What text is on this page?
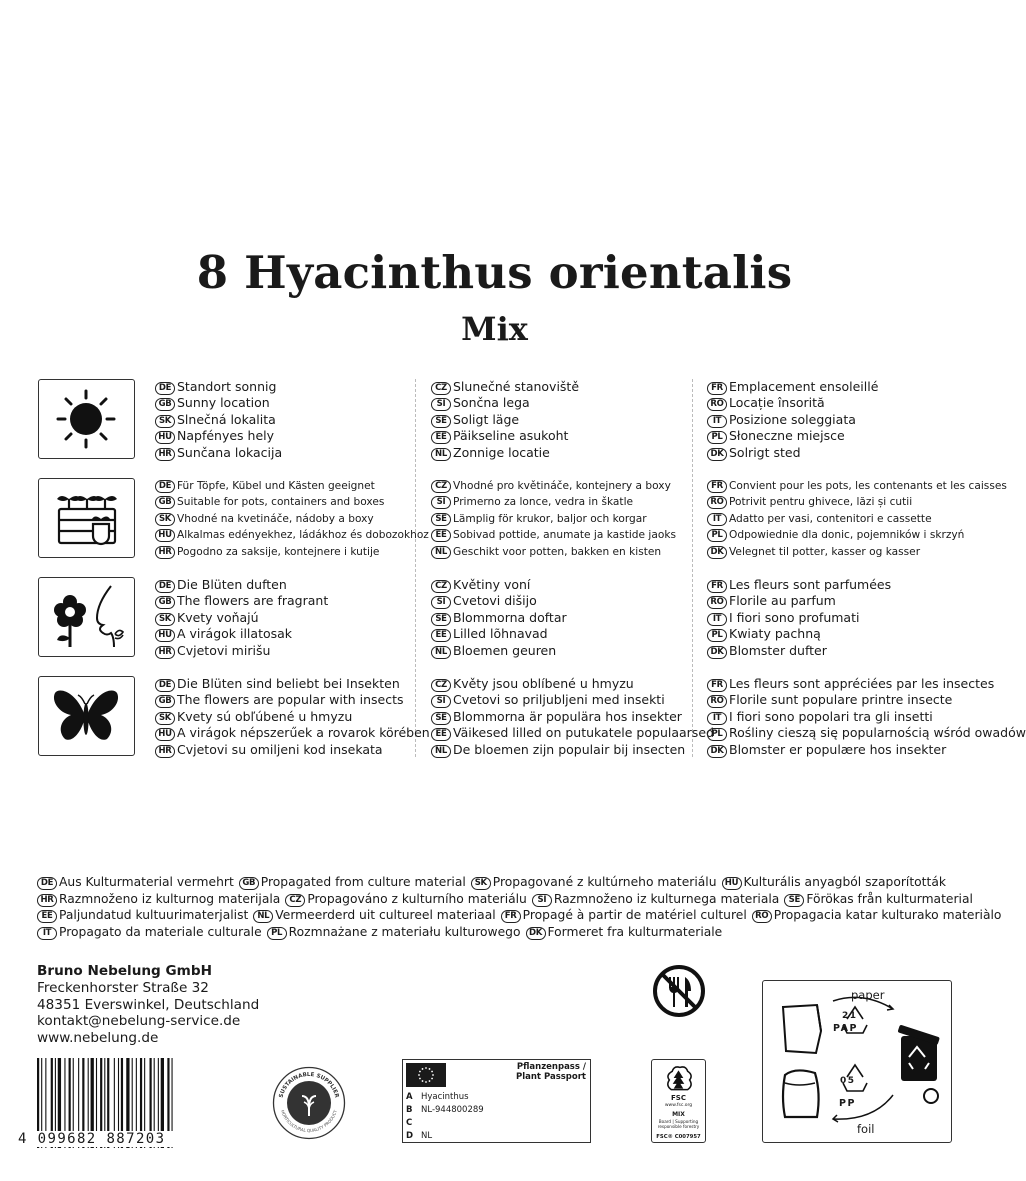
8 Hyacinthus orientalis
Mix
DE Standort sonnig
GB Sunny location
SK Slnečná lokalita
HU Napfényes hely
HR Sunčana lokacija
CZ Slunečné stanoviště
SI Sončna lega
SE Soligt läge
EE Päikseline asukoht
NL Zonnige locatie
FR Emplacement ensoleillé
RO Locație însorită
IT Posizione soleggiata
PL Słoneczne miejsce
DK Solrigt sted
DE Für Töpfe, Kübel und Kästen geeignet
GB Suitable for pots, containers and boxes
SK Vhodné na kvetináče, nádoby a boxy
HU Alkalmas edényekhez, ládákhoz és dobozokhoz
HR Pogodno za saksije, kontejnere i kutije
CZ Vhodné pro květináče, kontejnery a boxy
SI Primerno za lonce, vedra in škatle
SE Lämplig för krukor, baljor och korgar
EE Sobivad pottide, anumate ja kastide jaoks
NL Geschikt voor potten, bakken en kisten
FR Convient pour les pots, les contenants et les caisses
RO Potrivit pentru ghivece, lăzi și cutii
IT Adatto per vasi, contenitori e cassette
PL Odpowiednie dla donic, pojemników i skrzyń
DK Velegnet til potter, kasser og kasser
DE Die Blüten duften
GB The flowers are fragrant
SK Kvety voňajú
HU A virágok illatosak
HR Cvjetovi mirišu
CZ Květiny voní
SI Cvetovi dišijo
SE Blommorna doftar
EE Lilled lõhnavad
NL Bloemen geuren
FR Les fleurs sont parfumées
RO Florile au parfum
IT I fiori sono profumati
PL Kwiaty pachną
DK Blomster dufter
DE Die Blüten sind beliebt bei Insekten
GB The flowers are popular with insects
SK Kvety sú obľúbené u hmyzu
HU A virágok népszerűek a rovarok körében
HR Cvjetovi su omiljeni kod insekata
CZ Květy jsou oblíbené u hmyzu
SI Cvetovi so priljubljeni med insekti
SE Blommorna är populära hos insekter
EE Väikesed lilled on putukatele populaarsed
NL De bloemen zijn populair bij insecten
FR Les fleurs sont appréciées par les insectes
RO Florile sunt populare printre insecte
IT I fiori sono popolari tra gli insetti
PL Rośliny cieszą się popularnością wśród owadów
DK Blomster er populære hos insekter
DE Aus Kulturmaterial vermehrt GB Propagated from culture material SK Propagované z kultúrneho materiálu HU Kulturális anyagból szaporították
HR Razmnoženo iz kulturnog materijala CZ Propagováno z kulturního materiálu SI Razmnoženo iz kulturnega materiala SE Förökas från kulturmaterial
EE Paljundatud kultuurimaterjalist NL Vermeerderd uit cultureel materiaal FR Propagé à partir de matériel culturel RO Propagacia katar kulturako materiàlo
IT Propagato da materiale culturale PL Rozmnażane z materiału kulturowego DK Formeret fra kulturmateriale
Bruno Nebelung GmbH
Freckenhorster Straße 32
48351 Everswinkel, Deutschland
kontakt@nebelung-service.de
www.nebelung.de
4 099682 887203
SUSTAINABLE SUPPLIER
HORTICULTURAL QUALITY PRODUCT
Pflanzenpass /
Plant Passport
A Hyacinthus
B NL-944800289
C
D NL
FSC
www.fsc.org
MIX
Board | Supporting responsible forestry
FSC® C007957
paper
foil
21
PAP
05
PP
